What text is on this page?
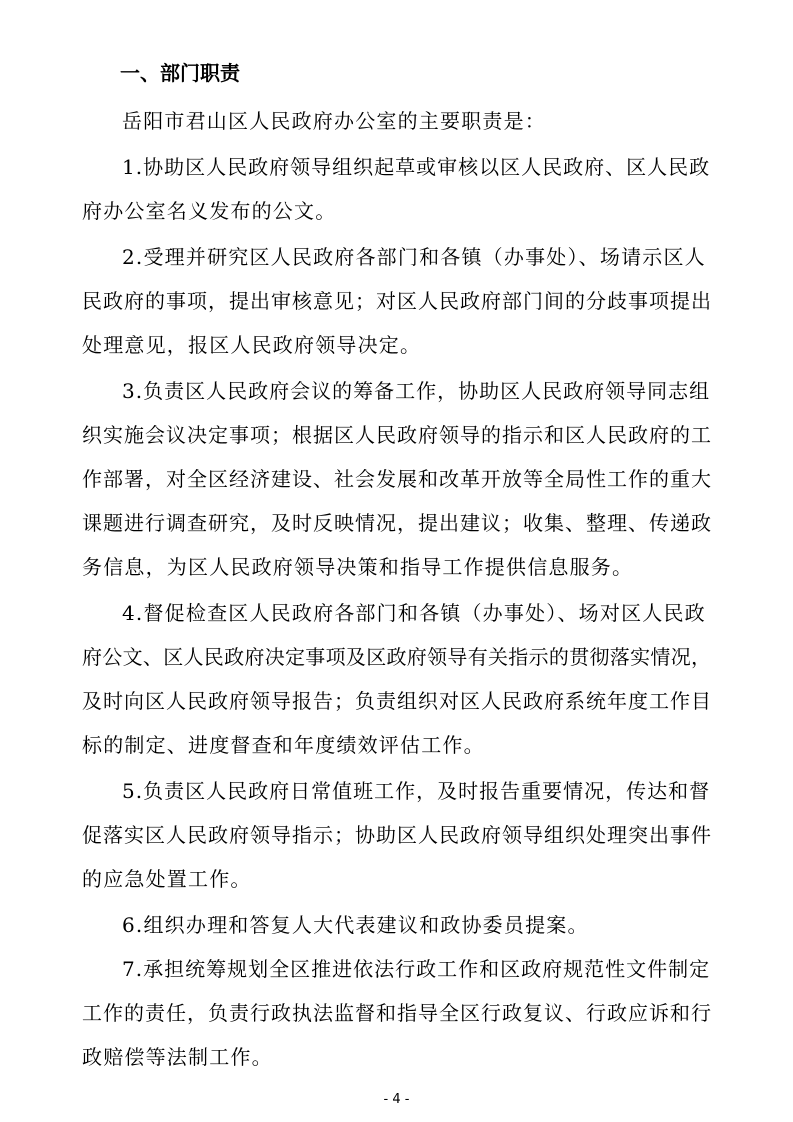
一、部门职责
岳阳市君山区人民政府办公室的主要职责是：
1.协助区人民政府领导组织起草或审核以区人民政府、区人民政
府办公室名义发布的公文。
2.受理并研究区人民政府各部门和各镇（办事处）、场请示区人
民政府的事项，提出审核意见；对区人民政府部门间的分歧事项提出
处理意见，报区人民政府领导决定。
3.负责区人民政府会议的筹备工作，协助区人民政府领导同志组
织实施会议决定事项；根据区人民政府领导的指示和区人民政府的工
作部署，对全区经济建设、社会发展和改革开放等全局性工作的重大
课题进行调查研究，及时反映情况，提出建议；收集、整理、传递政
务信息，为区人民政府领导决策和指导工作提供信息服务。
4.督促检查区人民政府各部门和各镇（办事处）、场对区人民政
府公文、区人民政府决定事项及区政府领导有关指示的贯彻落实情况，
及时向区人民政府领导报告；负责组织对区人民政府系统年度工作目
标的制定、进度督查和年度绩效评估工作。
5.负责区人民政府日常值班工作，及时报告重要情况，传达和督
促落实区人民政府领导指示；协助区人民政府领导组织处理突出事件
的应急处置工作。
6.组织办理和答复人大代表建议和政协委员提案。
7.承担统筹规划全区推进依法行政工作和区政府规范性文件制定
工作的责任，负责行政执法监督和指导全区行政复议、行政应诉和行
政赔偿等法制工作。
- 4 -
